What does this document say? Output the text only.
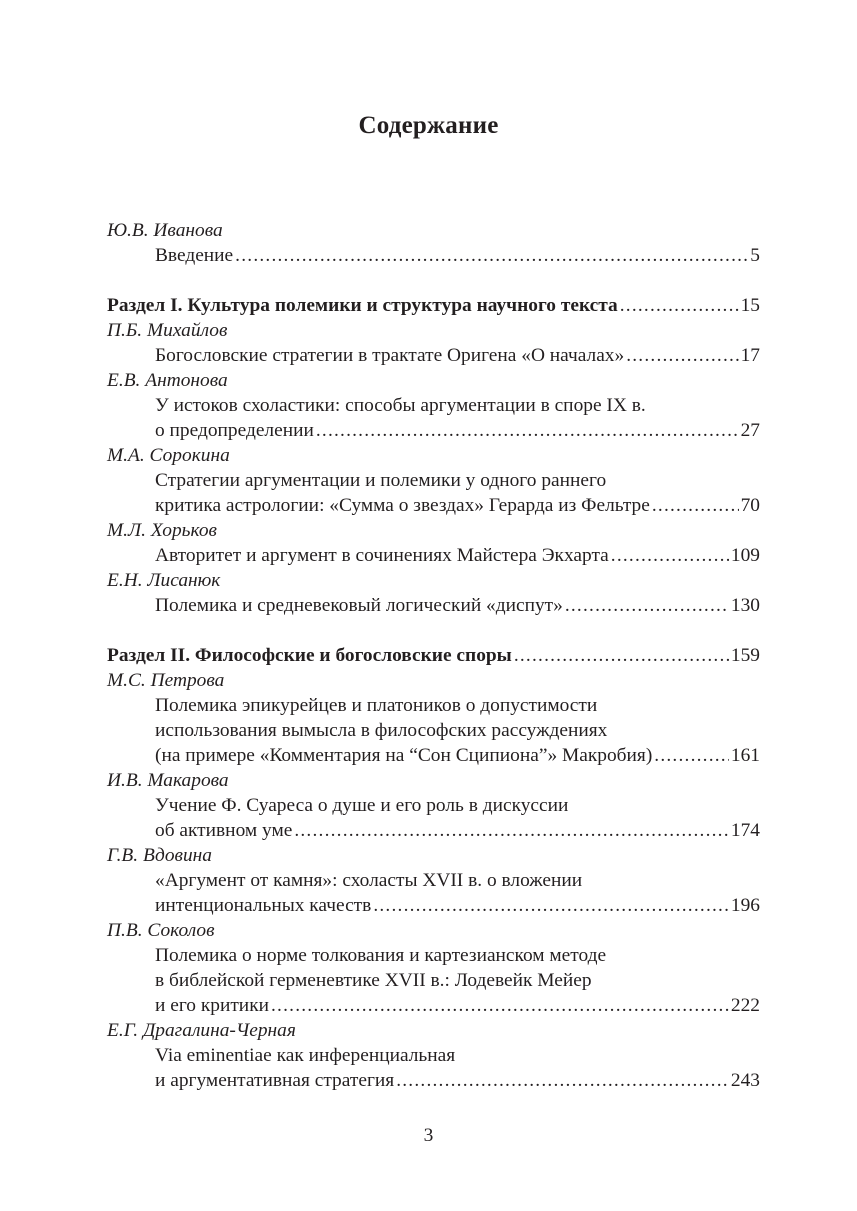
Содержание
Ю.В. Иванова
Введение .....	5
Раздел I. Культура полемики и структура научного текста .....	15
П.Б. Михайлов
Богословские стратегии в трактате Оригена «О началах» .....	17
Е.В. Антонова
У истоков схоластики: способы аргументации в споре IX в.
о предопределении .....	27
М.А. Сорокина
Стратегии аргументации и полемики у одного раннего
критика астрологии: «Сумма о звездах» Герарда из Фельтре .....	70
М.Л. Хорьков
Авторитет и аргумент в сочинениях Майстера Экхарта .....	109
Е.Н. Лисанюк
Полемика и средневековый логический «диспут» .....	130
Раздел II. Философские и богословские споры .....	159
М.С. Петрова
Полемика эпикурейцев и платоников о допустимости
использования вымысла в философских рассуждениях
(на примере «Комментария на “Сон Сципиона”» Макробия) .....	161
И.В. Макарова
Учение Ф. Суареса о душе и его роль в дискуссии
об активном уме .....	174
Г.В. Вдовина
«Аргумент от камня»: схоласты XVII в. о вложении
интенциональных качеств .....	196
П.В. Соколов
Полемика о норме толкования и картезианском методе
в библейской герменевтике XVII в.: Лодевейк Мейер
и его критики .....	222
Е.Г. Драгалина-Черная
Via eminentiae как инференциальная
и аргументативная стратегия .....	243
3
